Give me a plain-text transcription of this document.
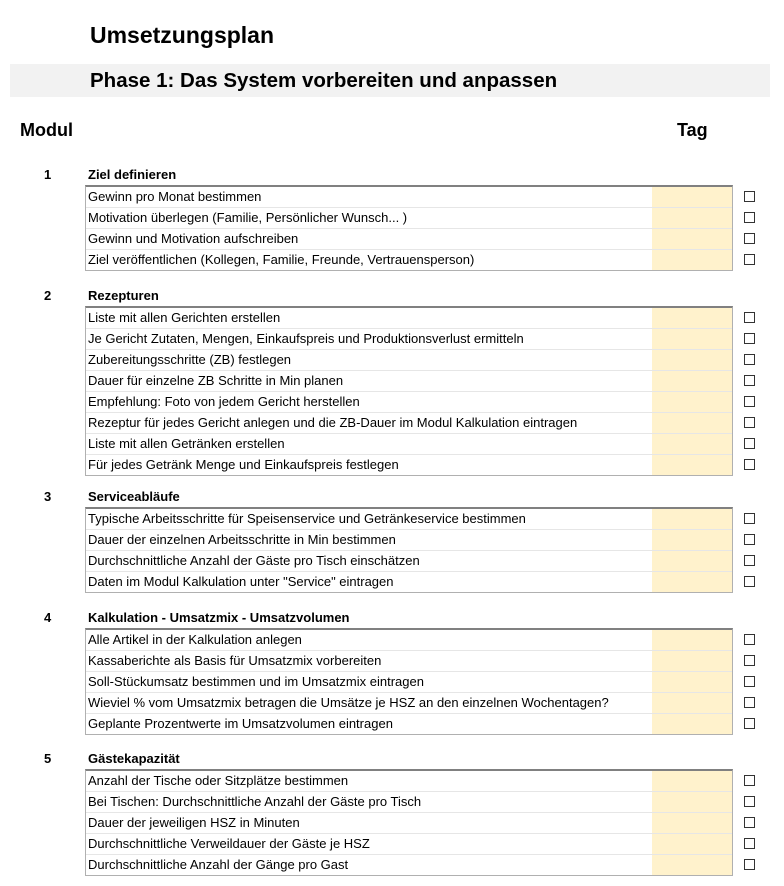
Umsetzungsplan
Phase 1: Das System vorbereiten und anpassen
Modul	Tag
1	Ziel definieren
Gewinn pro Monat bestimmen
Motivation überlegen (Familie, Persönlicher Wunsch... )
Gewinn und Motivation aufschreiben
Ziel veröffentlichen (Kollegen, Familie, Freunde, Vertrauensperson)
2	Rezepturen
Liste mit allen Gerichten erstellen
Je Gericht Zutaten, Mengen, Einkaufspreis und Produktionsverlust ermitteln
Zubereitungsschritte (ZB) festlegen
Dauer für einzelne ZB Schritte in Min planen
Empfehlung: Foto von jedem Gericht herstellen
Rezeptur für jedes Gericht anlegen und die ZB-Dauer im Modul Kalkulation eintragen
Liste mit allen Getränken erstellen
Für jedes Getränk Menge und Einkaufspreis festlegen
3	Serviceabläufe
Typische Arbeitsschritte für Speisenservice und Getränkeservice bestimmen
Dauer der einzelnen Arbeitsschritte in Min bestimmen
Durchschnittliche Anzahl der Gäste pro Tisch einschätzen
Daten im Modul Kalkulation unter "Service" eintragen
4	Kalkulation - Umsatzmix - Umsatzvolumen
Alle Artikel in der Kalkulation anlegen
Kassaberichte als Basis für Umsatzmix vorbereiten
Soll-Stückumsatz bestimmen und im Umsatzmix eintragen
Wieviel % vom Umsatzmix betragen die Umsätze je HSZ an den einzelnen Wochentagen?
Geplante Prozentwerte im Umsatzvolumen eintragen
5	Gästekapazität
Anzahl der Tische oder Sitzplätze bestimmen
Bei Tischen: Durchschnittliche Anzahl der Gäste pro Tisch
Dauer der jeweiligen HSZ in Minuten
Durchschnittliche Verweildauer der Gäste je HSZ
Durchschnittliche Anzahl der Gänge pro Gast
